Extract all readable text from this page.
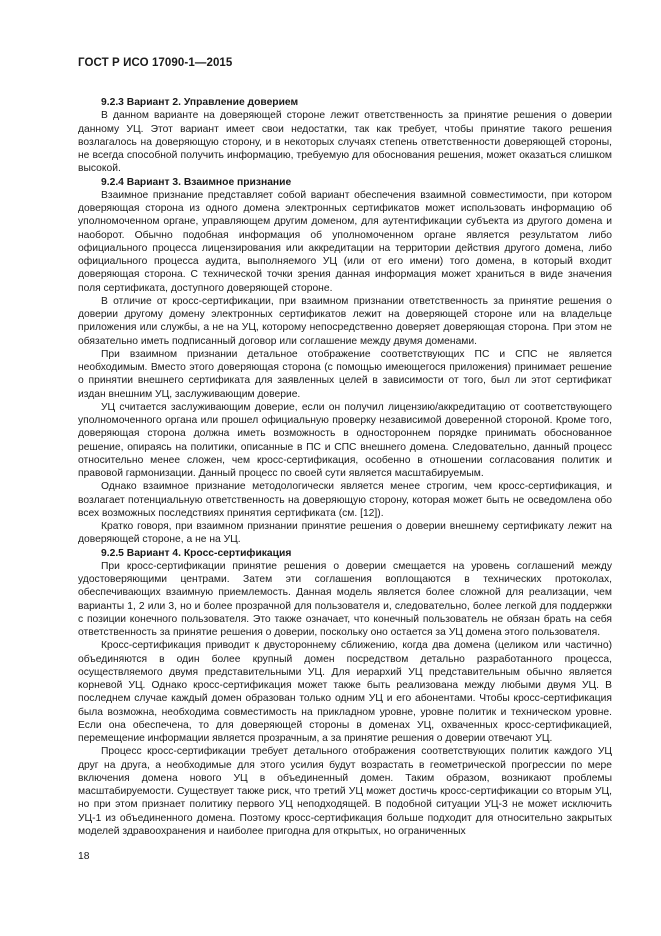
ГОСТ Р ИСО 17090-1—2015
9.2.3 Вариант 2. Управление доверием

В данном варианте на доверяющей стороне лежит ответственность за принятие решения о доверии данному УЦ. Этот вариант имеет свои недостатки, так как требует, чтобы принятие такого решения возлагалось на доверяющую сторону, и в некоторых случаях степень ответственности доверяющей стороны, не всегда способной получить информацию, требуемую для обоснования решения, может оказаться слишком высокой.

9.2.4 Вариант 3. Взаимное признание

Взаимное признание представляет собой вариант обеспечения взаимной совместимости, при котором доверяющая сторона из одного домена электронных сертификатов может использовать информацию об уполномоченном органе, управляющем другим доменом, для аутентификации субъекта из другого домена и наоборот. Обычно подобная информация об уполномоченном органе является результатом либо официального процесса лицензирования или аккредитации на территории действия другого домена, либо официального процесса аудита, выполняемого УЦ (или от его имени) того домена, в который входит доверяющая сторона. С технической точки зрения данная информация может храниться в виде значения поля сертификата, доступного доверяющей стороне.

В отличие от кросс-сертификации, при взаимном признании ответственность за принятие решения о доверии другому домену электронных сертификатов лежит на доверяющей стороне или на владельце приложения или службы, а не на УЦ, которому непосредственно доверяет доверяющая сторона. При этом не обязательно иметь подписанный договор или соглашение между двумя доменами.

При взаимном признании детальное отображение соответствующих ПС и СПС не является необходимым. Вместо этого доверяющая сторона (с помощью имеющегося приложения) принимает решение о принятии внешнего сертификата для заявленных целей в зависимости от того, был ли этот сертификат издан внешним УЦ, заслуживающим доверие.

УЦ считается заслуживающим доверие, если он получил лицензию/аккредитацию от соответствующего уполномоченного органа или прошел официальную проверку независимой доверенной стороной. Кроме того, доверяющая сторона должна иметь возможность в одностороннем порядке принимать обоснованное решение, опираясь на политики, описанные в ПС и СПС внешнего домена. Следовательно, данный процесс относительно менее сложен, чем кросс-сертификация, особенно в отношении согласования политик и правовой гармонизации. Данный процесс по своей сути является масштабируемым.

Однако взаимное признание методологически является менее строгим, чем кросс-сертификация, и возлагает потенциальную ответственность на доверяющую сторону, которая может быть не осведомлена обо всех возможных последствиях принятия сертификата (см. [12]).

Кратко говоря, при взаимном признании принятие решения о доверии внешнему сертификату лежит на доверяющей стороне, а не на УЦ.

9.2.5 Вариант 4. Кросс-сертификация

При кросс-сертификации принятие решения о доверии смещается на уровень соглашений между удостоверяющими центрами. Затем эти соглашения воплощаются в технических протоколах, обеспечивающих взаимную приемлемость. Данная модель является более сложной для реализации, чем варианты 1, 2 или 3, но и более прозрачной для пользователя и, следовательно, более легкой для поддержки с позиции конечного пользователя. Это также означает, что конечный пользователь не обязан брать на себя ответственность за принятие решения о доверии, поскольку оно остается за УЦ домена этого пользователя.

Кросс-сертификация приводит к двустороннему сближению, когда два домена (целиком или частично) объединяются в один более крупный домен посредством детально разработанного процесса, осуществляемого двумя представительными УЦ. Для иерархий УЦ представительным обычно является корневой УЦ. Однако кросс-сертификация может также быть реализована между любыми двумя УЦ. В последнем случае каждый домен образован только одним УЦ и его абонентами. Чтобы кросс-сертификация была возможна, необходима совместимость на прикладном уровне, уровне политик и техническом уровне. Если она обеспечена, то для доверяющей стороны в доменах УЦ, охваченных кросс-сертификацией, перемещение информации является прозрачным, а за принятие решения о доверии отвечают УЦ.

Процесс кросс-сертификации требует детального отображения соответствующих политик каждого УЦ друг на друга, а необходимые для этого усилия будут возрастать в геометрической прогрессии по мере включения домена нового УЦ в объединенный домен. Таким образом, возникают проблемы масштабируемости. Существует также риск, что третий УЦ может достичь кросс-сертификации со вторым УЦ, но при этом признает политику первого УЦ неподходящей. В подобной ситуации УЦ-3 не может исключить УЦ-1 из объединенного домена. Поэтому кросс-сертификация больше подходит для относительно закрытых моделей здравоохранения и наиболее пригодна для открытых, но ограниченных

18
